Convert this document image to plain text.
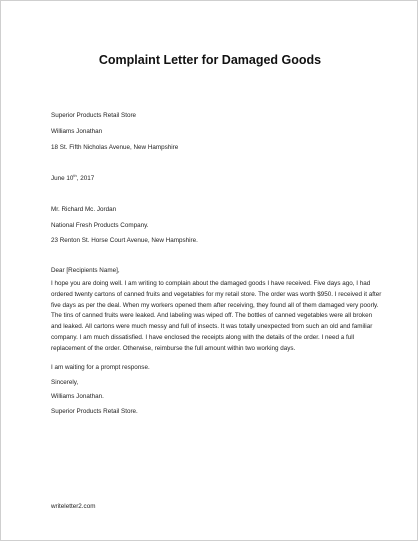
Complaint Letter for Damaged Goods
Superior Products Retail Store
Williams Jonathan
18 St. Fifth Nicholas Avenue, New Hampshire
June 10th, 2017
Mr. Richard Mc. Jordan
National Fresh Products Company.
23 Renton St. Horse Court Avenue, New Hampshire.
Dear [Recipients Name],
I hope you are doing well. I am writing to complain about the damaged goods I have received. Five days ago, I had ordered twenty cartons of canned fruits and vegetables for my retail store. The order was worth $950. I received it after five days as per the deal. When my workers opened them after receiving, they found all of them damaged very poorly. The tins of canned fruits were leaked. And labeling was wiped off. The bottles of canned vegetables were all broken and leaked. All cartons were much messy and full of insects. It was totally unexpected from such an old and familiar company. I am much dissatisfied. I have enclosed the receipts along with the details of the order. I need a full replacement of the order. Otherwise, reimburse the full amount within two working days.
I am waiting for a prompt response.
Sincerely,
Williams Jonathan.
Superior Products Retail Store.
writeletter2.com
